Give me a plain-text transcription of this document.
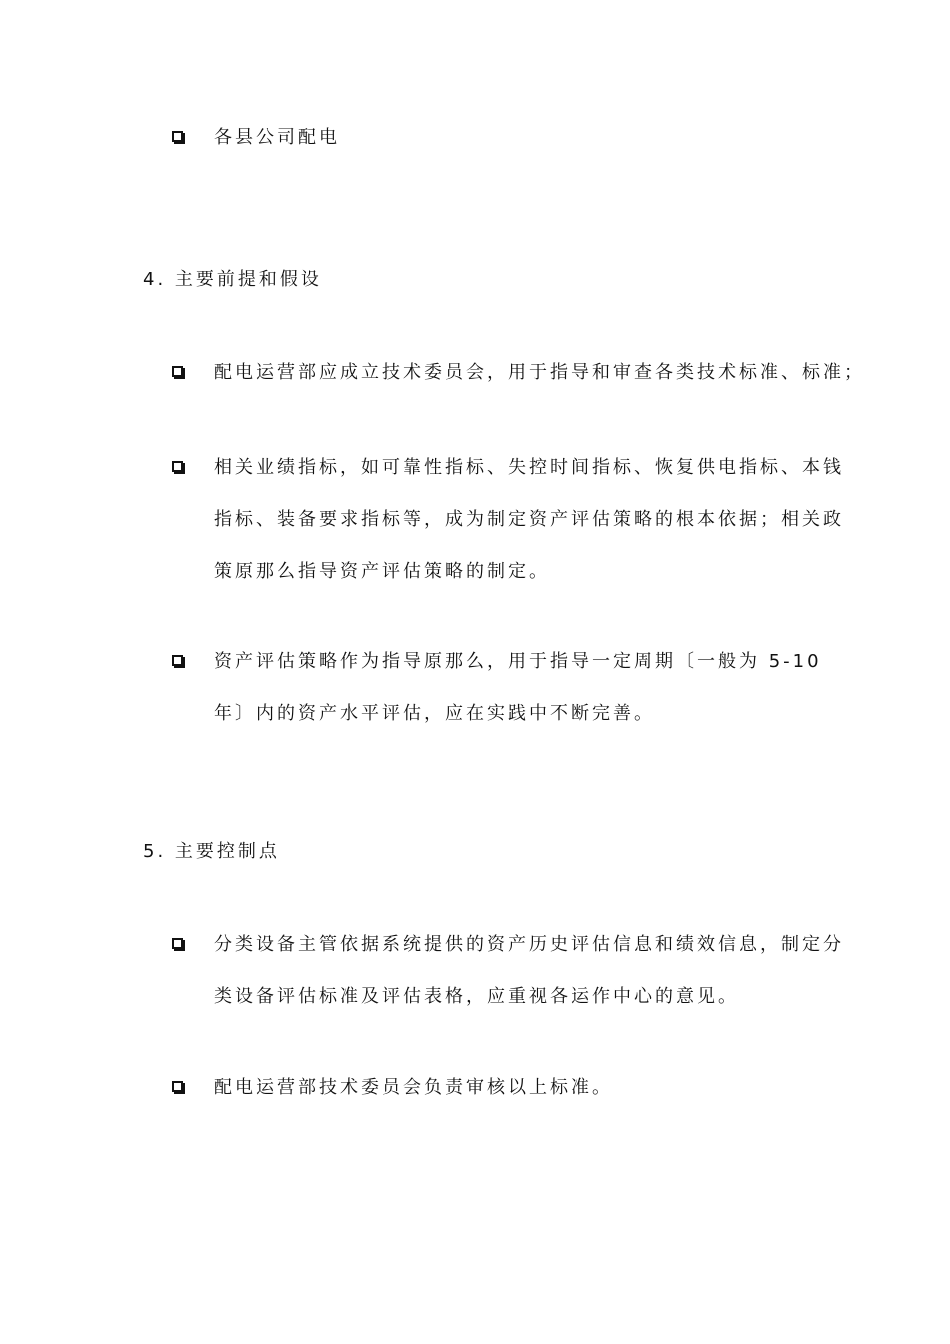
各县公司配电
4. 主要前提和假设
配电运营部应成立技术委员会，用于指导和审查各类技术标准、标准；
相关业绩指标，如可靠性指标、失控时间指标、恢复供电指标、本钱
指标、装备要求指标等，成为制定资产评估策略的根本依据；相关政
策原那么指导资产评估策略的制定。
资产评估策略作为指导原那么，用于指导一定周期〔一般为 5-10
年〕内的资产水平评估，应在实践中不断完善。
5. 主要控制点
分类设备主管依据系统提供的资产历史评估信息和绩效信息，制定分
类设备评估标准及评估表格，应重视各运作中心的意见。
配电运营部技术委员会负责审核以上标准。
